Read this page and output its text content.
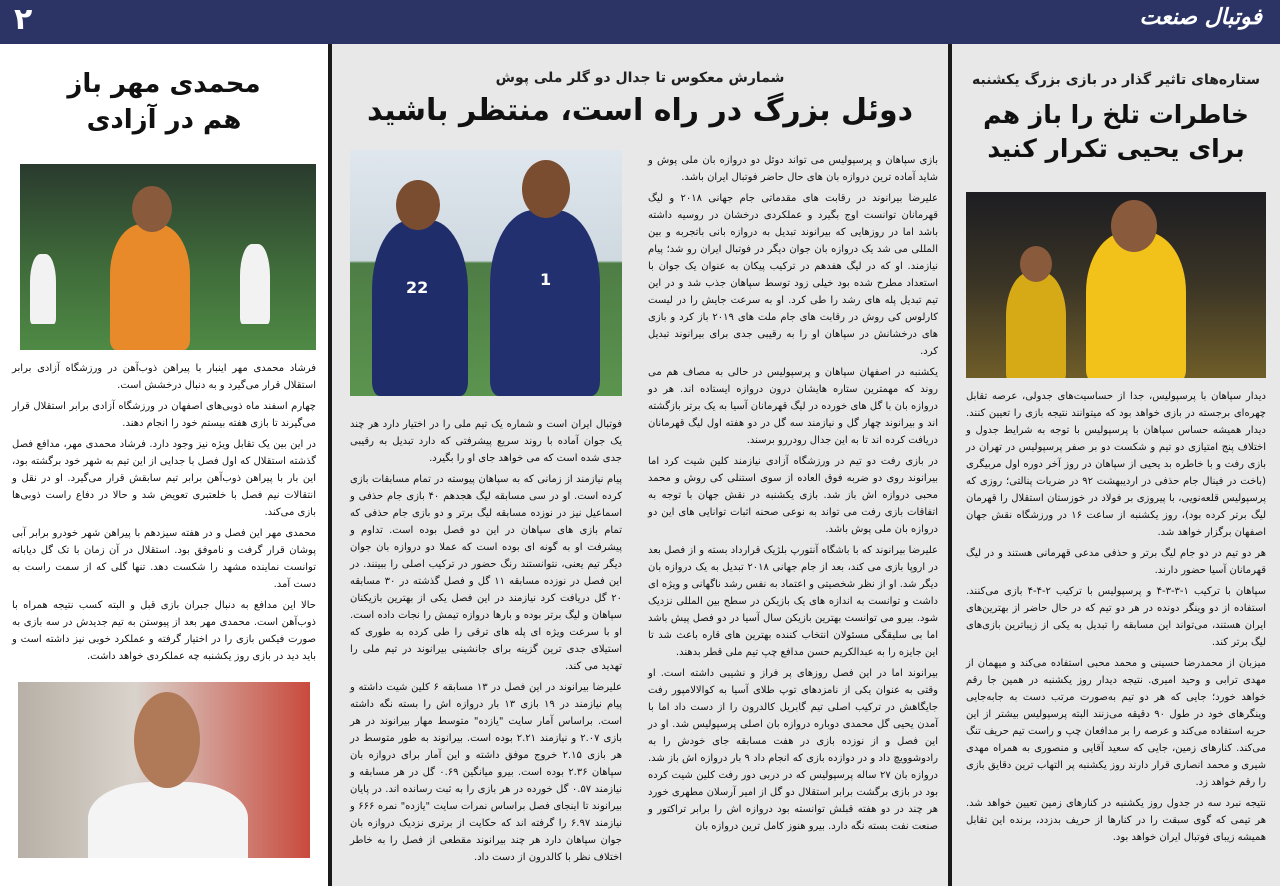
۲	فوتبال صنعت
ستاره‌های تاثیر گذار در بازی بزرگ یکشنبه
خاطرات تلخ را باز هم
برای یحیی تکرار کنید

دیدار سپاهان با پرسپولیس، جدا از حساسیت‌های جدولی، عرصه تقابل چهره‌ای برجسته در بازی خواهد بود که میتوانند نتیجه بازی را تعیین کنند. دیدار همیشه حساس سپاهان با پرسپولیس با توجه به شرایط جدول و اختلاف پنج امتیازی دو تیم و شکست دو بر صفر پرسپولیس در تهران در بازی رفت و با خاطره بد یحیی از سپاهان در روز آخر دوره اول مربیگری (باخت در فینال جام حذفی در اردیبهشت ۹۲ در ضربات پنالتی؛ روزی که پرسپولیس قلعه‌نویی، با پیروزی بر فولاد در خوزستان استقلال را قهرمان لیگ برتر کرده بود)، روز یکشنبه از ساعت ۱۶ در ورزشگاه نقش جهان اصفهان برگزار خواهد شد.

هر دو تیم در دو جام لیگ برتر و حذفی مدعی قهرمانی هستند و در لیگ قهرمانان آسیا حضور دارند.

سپاهان با ترکیب ۱-۳-۳-۴ و پرسپولیس با ترکیب ۲-۴-۴ بازی می‌کنند. استفاده از دو وینگر دونده در هر دو تیم که در حال حاضر از بهترین‌های ایران هستند، می‌تواند این مسابقه را تبدیل به یکی از زیباترین بازی‌های لیگ برتر کند.

میزبان از محمدرضا حسینی و محمد محبی استفاده می‌کند و میهمان از مهدی ترابی و وحید امیری. نتیجه دیدار روز یکشنبه در همین جا رقم خواهد خورد؛ جایی که هر دو تیم به‌صورت مرتب دست به جابه‌جایی وینگرهای خود در طول ۹۰ دقیقه می‌زنند البته پرسپولیس بیشتر از این حربه استفاده می‌کند و عرصه را بر مدافعان چپ و راست تیم حریف تنگ می‌کند. کنارهای زمین، جایی که سعید آقایی و منصوری به همراه مهدی شیری و محمد انصاری قرار دارند روز یکشنبه پر التهاب ترین دقایق بازی را رقم خواهد زد.

نتیجه نبرد سه در جدول روز یکشنبه در کنارهای زمین تعیین خواهد شد. هر تیمی که گوی سبقت را در کنارها از حریف بدزدد، برنده این تقابل همیشه زیبای فوتبال ایران خواهد بود.

شمارش معکوس تا جدال دو گلر ملی پوش
دوئل بزرگ در راه است، منتظر باشید

بازی سپاهان و پرسپولیس می تواند دوئل دو دروازه بان ملی پوش و شاید آماده ترین دروازه بان های حال حاضر فوتبال ایران باشد.

علیرضا بیرانوند در رقابت های مقدماتی جام جهانی ۲۰۱۸ و لیگ قهرمانان توانست اوج بگیرد و عملکردی درخشان در روسیه داشته باشد اما در روزهایی که بیرانوند تبدیل به دروازه بانی باتجربه و بین المللی می شد یک دروازه بان جوان دیگر در فوتبال ایران رو شد؛ پیام نیازمند. او که در لیگ هفدهم در ترکیب پیکان به عنوان یک جوان با استعداد مطرح شده بود خیلی زود توسط سپاهان جذب شد و در این تیم تبدیل پله های رشد را طی کرد. او به سرعت جایش را در لیست کارلوس کی روش در رقابت های جام ملت های ۲۰۱۹ باز کرد و بازی های درخشانش در سپاهان او را به رقیبی جدی برای بیرانوند تبدیل کرد.

یکشنبه در اصفهان سپاهان و پرسپولیس در حالی به مصاف هم می روند که مهمترین ستاره هایشان درون دروازه ایستاده اند. هر دو دروازه بان با گل های خورده در لیگ قهرمانان آسیا به یک برتر بازگشته اند و بیرانوند چهار گل و نیازمند سه گل در دو هفته اول لیگ قهرمانان دریافت کرده اند تا به این جدال رودررو برسند.

در بازی رفت دو تیم در ورزشگاه آزادی نیازمند کلین شیت کرد اما بیرانوند روی دو ضربه فوق العاده از سوی استنلی کی روش و محمد محبی دروازه اش باز شد. بازی یکشنبه در نقش جهان با توجه به اتفاقات بازی رفت می تواند به نوعی صحنه اثبات توانایی های این دو دروازه بان ملی پوش باشد.

علیرضا بیرانوند که با باشگاه آنتورپ بلژیک قرارداد بسته و از فصل بعد در اروپا بازی می کند، بعد از جام جهانی ۲۰۱۸ تبدیل به یک دروازه بان دیگر شد. او از نظر شخصیتی و اعتماد به نفس رشد ناگهانی و ویژه ای داشت و توانست به اندازه های یک بازیکن در سطح بین المللی نزدیک شود. بیرو می توانست بهترین بازیکن سال آسیا در دو فصل پیش باشد اما بی سلیقگی مسئولان انتخاب کننده بهترین های قاره باعث شد تا این جایزه را به عبدالکریم حسن مدافع چپ تیم ملی قطر بدهند.

بیرانوند اما در این فصل روزهای پر فراز و نشیبی داشته است. او وقتی به عنوان یکی از نامزدهای توپ طلای آسیا به کوالالامپور رفت جایگاهش در ترکیب اصلی تیم گابریل کالدرون را از دست داد اما با آمدن یحیی گل محمدی دوباره دروازه بان اصلی پرسپولیس شد. او در این فصل و از نوزده بازی در هفت مسابقه جای خودش را به رادوشوویچ داد و در دوازده بازی که انجام داد ۹ بار دروازه اش باز شد. دروازه بان ۲۷ ساله پرسپولیس که در دربی دور رفت کلین شیت کرده بود در بازی برگشت برابر استقلال دو گل از امیر آرسلان مطهری خورد هر چند در دو هفته قبلش توانسته بود دروازه اش را برابر تراکتور و صنعت نفت بسته نگه دارد. بیرو هنوز کامل ترین دروازه بان

22	1

فوتبال ایران است و شماره یک تیم ملی را در اختیار دارد هر چند یک جوان آماده با روند سریع پیشرفتی که دارد تبدیل به رقیبی جدی شده است که می خواهد جای او را بگیرد.

پیام نیازمند از زمانی که به سپاهان پیوسته در تمام مسابقات بازی کرده است. او در سی مسابقه لیگ هجدهم ۴۰ بازی جام حذفی و اسماعیل نیز در نوزده مسابقه لیگ برتر و دو بازی جام حذفی که تمام بازی های سپاهان در این دو فصل بوده است. تداوم و پیشرفت او به گونه ای بوده است که عملا دو دروازه بان جوان دیگر تیم یعنی، نتوانستند رنگ حضور در ترکیب اصلی را ببینند. در این فصل در نوزده مسابقه ۱۱ گل و فصل گذشته در ۳۰ مسابقه ۲۰ گل دریافت کرد نیازمند در این فصل یکی از بهترین بازیکنان سپاهان و لیگ برتر بوده و بارها دروازه تیمش را نجات داده است. او با سرعت ویژه ای پله های ترقی را طی کرده به طوری که استیلای جدی ترین گزینه برای جانشینی بیرانوند در تیم ملی را تهدید می کند.

علیرضا بیرانوند در این فصل در ۱۳ مسابقه ۶ کلین شیت داشته و پیام نیازمند در ۱۹ بازی ۱۳ بار دروازه اش را بسته نگه داشته است. براساس آمار سایت "یازده" متوسط مهار بیرانوند در هر بازی ۲.۰۷ و نیازمند ۲.۲۱ بوده است. بیرانوند به طور متوسط در هر بازی ۲.۱۵ خروج موفق داشته و این آمار برای دروازه بان سپاهان ۲.۳۶ بوده است. بیرو میانگین ۰.۶۹ گل در هر مسابقه و نیازمند ۰.۵۷ گل خورده در هر بازی را به ثبت رسانده اند. در پایان بیرانوند تا اینجای فصل براساس نمرات سایت "یازده" نمره ۶۶۶ و نیازمند ۶.۹۷ را گرفته اند که حکایت از برتری نزدیک دروازه بان جوان سپاهان دارد هر چند بیرانوند مقطعی از فصل را به خاطر اختلاف نظر با کالدرون از دست داد.

محمدی مهر باز
هم در آزادی

فرشاد محمدی مهر اینبار با پیراهن ذوب‌آهن در ورزشگاه آزادی برابر استقلال قرار می‌گیرد و به دنبال درخشش است.

چهارم اسفند ماه ذوبی‌های اصفهان در ورزشگاه آزادی برابر استقلال قرار می‌گیرند تا بازی هفته بیستم خود را انجام دهند.

در این بین یک تقابل ویژه نیز وجود دارد. فرشاد محمدی مهر، مدافع فصل گذشته استقلال که اول فصل با جدایی از این تیم به شهر خود برگشته بود، این بار با پیراهن ذوب‌آهن برابر تیم سابقش قرار می‌گیرد. او در نقل و انتقالات نیم فصل با خلعتبری تعویض شد و حالا در دفاع راست ذوبی‌ها بازی می‌کند.

محمدی مهر این فصل و در هفته سیزدهم با پیراهن شهر خودرو برابر آبی پوشان قرار گرفت و ناموفق بود. استقلال در آن زمان با تک گل دیاباته توانست نماینده مشهد را شکست دهد. تنها گلی که از سمت راست به دست آمد.

حالا این مدافع به دنبال جبران بازی قبل و البته کسب نتیجه همراه با ذوب‌آهن است. محمدی مهر بعد از پیوستن به تیم جدیدش در سه بازی به صورت فیکس بازی را در اختیار گرفته و عملکرد خوبی نیز داشته است و باید دید در بازی روز یکشنبه چه عملکردی خواهد داشت.
